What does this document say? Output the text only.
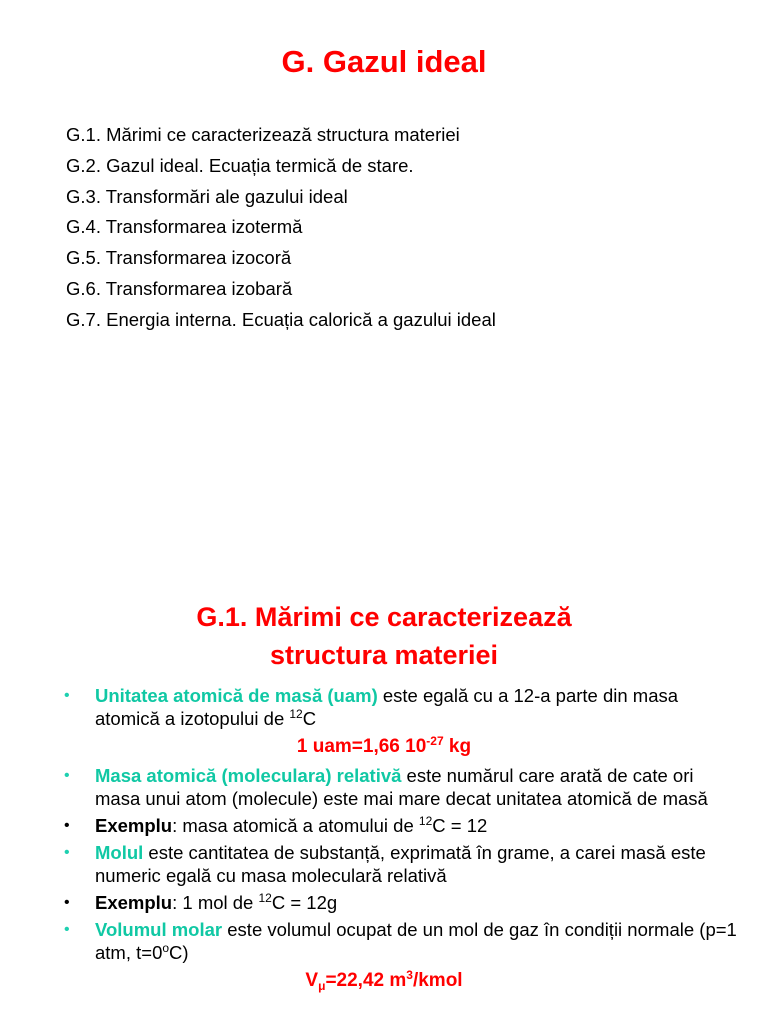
G. Gazul ideal
G.1. Mărimi ce caracterizează structura materiei
G.2. Gazul ideal. Ecuația termică de stare.
G.3. Transformări ale gazului ideal
G.4. Transformarea izotermă
G.5. Transformarea izocoră
G.6. Transformarea izobară
G.7. Energia interna. Ecuația calorică a gazului ideal
G.1. Mărimi ce caracterizează
structura materiei
• Unitatea atomică de masă (uam) este egală cu a 12-a parte din masa atomică a izotopului de $^{12}$C
1 uam=1,66 $10^{-27}$ kg
• Masa atomică (moleculara) relativă este numărul care arată de cate ori masa unui atom (molecule) este mai mare decat unitatea atomică de masă
• Exemplu: masa atomică a atomului de $^{12}$C = 12
• Molul este cantitatea de substanță, exprimată în grame, a carei masă este numeric egală cu masa moleculară relativă
• Exemplu: 1 mol de $^{12}$C = 12g
• Volumul molar este volumul ocupat de un mol de gaz în condiții normale (p=1 atm, $t=0^oC$)
$V_\mu=22,42$ $m^3$/kmol
